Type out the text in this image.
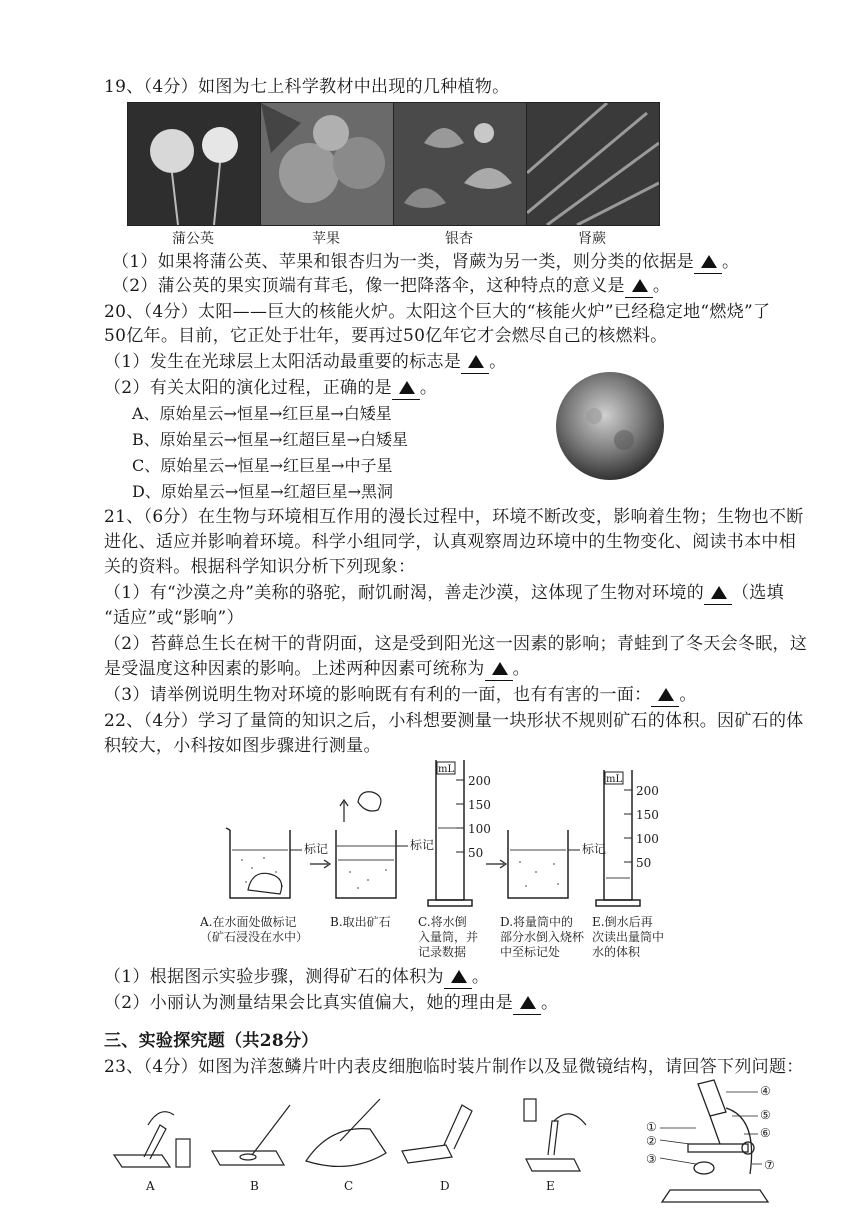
19、（4分）如图为七上科学教材中出现的几种植物。
蒲公英	苹果	银杏	肾蕨
（1）如果将蒲公英、苹果和银杏归为一类，肾蕨为另一类，则分类的依据是 。
（2）蒲公英的果实顶端有茸毛，像一把降落伞，这种特点的意义是 。
20、（4分）太阳——巨大的核能火炉。太阳这个巨大的“核能火炉”已经稳定地“燃烧”了
50亿年。目前，它正处于壮年，要再过50亿年它才会燃尽自己的核燃料。
（1）发生在光球层上太阳活动最重要的标志是 。
（2）有关太阳的演化过程，正确的是 。
A、原始星云→恒星→红巨星→白矮星
B、原始星云→恒星→红超巨星→白矮星
C、原始星云→恒星→红巨星→中子星
D、原始星云→恒星→红超巨星→黑洞
21、（6分）在生物与环境相互作用的漫长过程中，环境不断改变，影响着生物；生物也不断
进化、适应并影响着环境。科学小组同学，认真观察周边环境中的生物变化、阅读书本中相
关的资料。根据科学知识分析下列现象：
（1）有“沙漠之舟”美称的骆驼，耐饥耐渴，善走沙漠，这体现了生物对环境的 （选填
“适应”或“影响”）
（2）苔藓总生长在树干的背阴面，这是受到阳光这一因素的影响；青蛙到了冬天会冬眠，这
是受温度这种因素的影响。上述两种因素可统称为 。
（3）请举例说明生物对环境的影响既有有利的一面，也有有害的一面： 。
22、（4分）学习了量筒的知识之后，小科想要测量一块形状不规则矿石的体积。因矿石的体
积较大，小科按如图步骤进行测量。
标记	标记	标记
mL
mL
200
150
100
50
200
150
100
50
A.在水面处做标记（矿石浸没在水中）
B.取出矿石	C.将水倒入量筒，并记录数据
D.将量筒中的部分水倒入烧杯中至标记处
E.倒水后再次读出量筒中水的体积
（1）根据图示实验步骤，测得矿石的体积为 。
（2）小丽认为测量结果会比真实值偏大，她的理由是 。
三、实验探究题（共28分）
23、（4分）如图为洋葱鳞片叶内表皮细胞临时装片制作以及显微镜结构，请回答下列问题：
A	B	C	D	E
①
②
③
④
⑤
⑥
⑦
